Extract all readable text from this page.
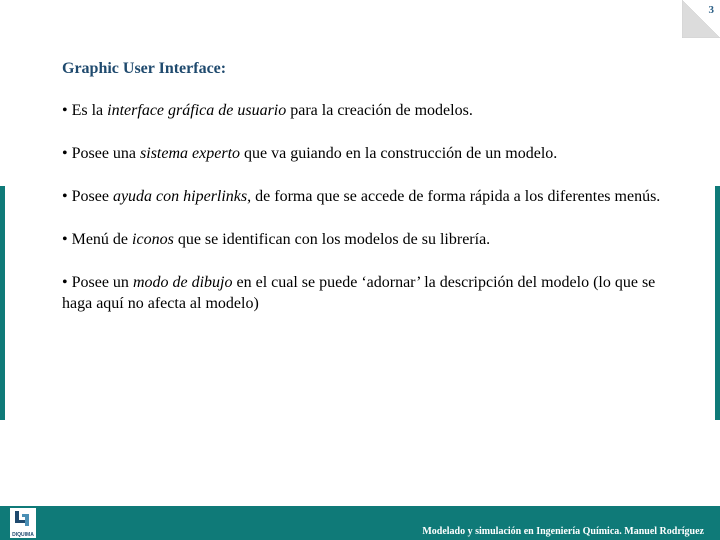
3

Graphic User Interface:

• Es la interface gráfica de usuario para la creación de modelos.

• Posee una sistema experto que va guiando en la construcción de un modelo.

• Posee ayuda con hiperlinks, de forma que se accede de forma rápida a los diferentes menús.

• Menú de iconos que se identifican con los modelos de su librería.

• Posee un modo de dibujo en el cual se puede ‘adornar’ la descripción del modelo (lo que se haga aquí no afecta al modelo)

DIQUIMA	Modelado y simulación en Ingeniería Química. Manuel Rodríguez
